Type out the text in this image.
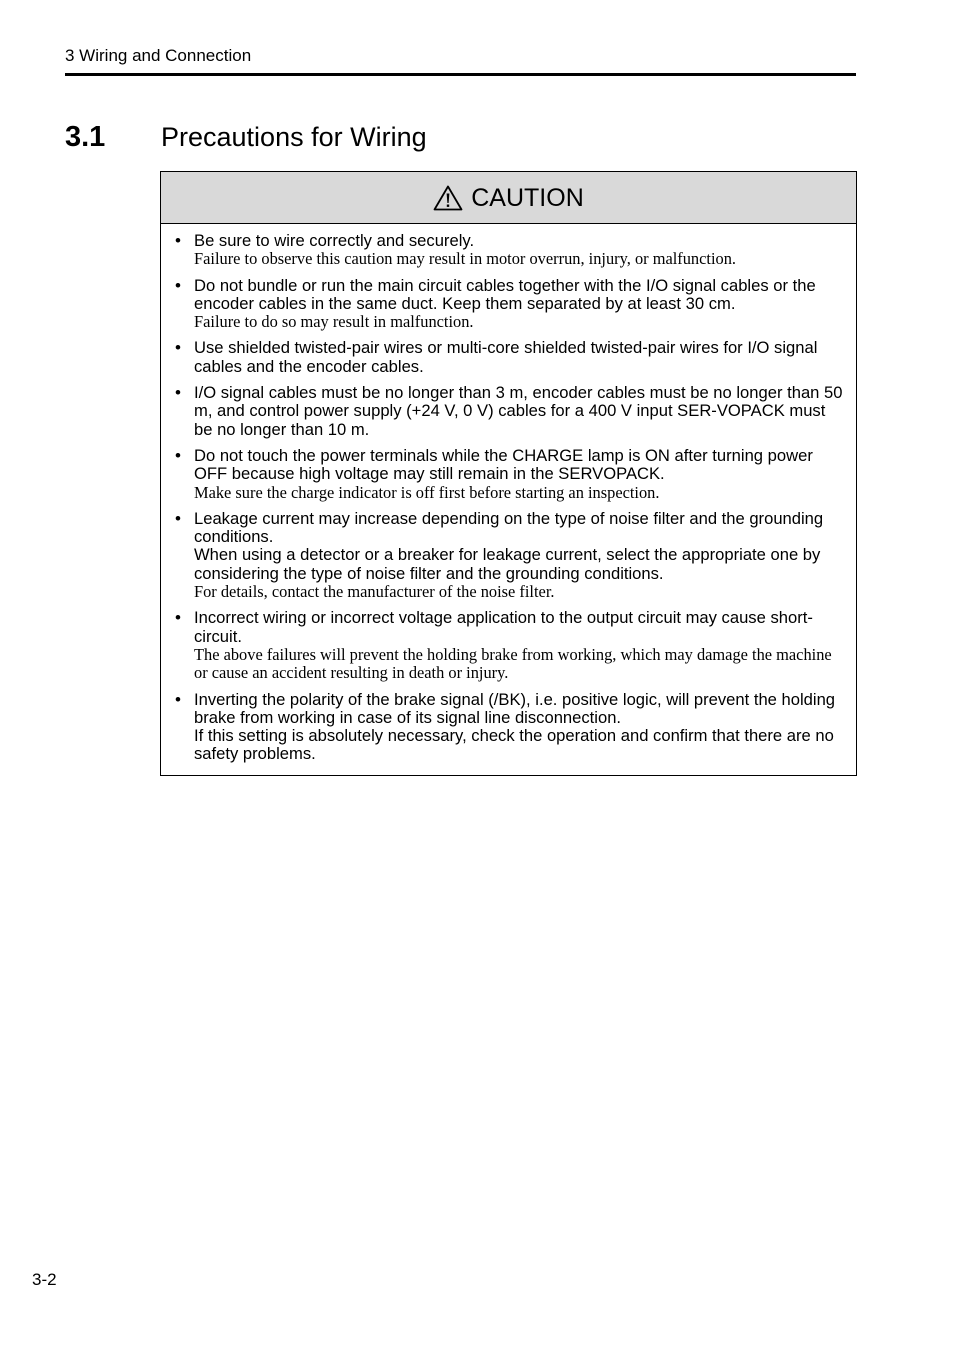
3 Wiring and Connection
3.1 Precautions for Wiring
CAUTION
• Be sure to wire correctly and securely.
Failure to observe this caution may result in motor overrun, injury, or malfunction.
• Do not bundle or run the main circuit cables together with the I/O signal cables or the encoder cables in the same duct. Keep them separated by at least 30 cm.
Failure to do so may result in malfunction.
• Use shielded twisted-pair wires or multi-core shielded twisted-pair wires for I/O signal cables and the encoder cables.
• I/O signal cables must be no longer than 3 m, encoder cables must be no longer than 50 m, and control power supply (+24 V, 0 V) cables for a 400 V input SER-VOPACK must be no longer than 10 m.
• Do not touch the power terminals while the CHARGE lamp is ON after turning power OFF because high voltage may still remain in the SERVOPACK.
Make sure the charge indicator is off first before starting an inspection.
• Leakage current may increase depending on the type of noise filter and the grounding conditions.
When using a detector or a breaker for leakage current, select the appropriate one by considering the type of noise filter and the grounding conditions.
For details, contact the manufacturer of the noise filter.
• Incorrect wiring or incorrect voltage application to the output circuit may cause short-circuit.
The above failures will prevent the holding brake from working, which may damage the machine or cause an accident resulting in death or injury.
• Inverting the polarity of the brake signal (/BK), i.e. positive logic, will prevent the holding brake from working in case of its signal line disconnection.
If this setting is absolutely necessary, check the operation and confirm that there are no safety problems.
3-2
